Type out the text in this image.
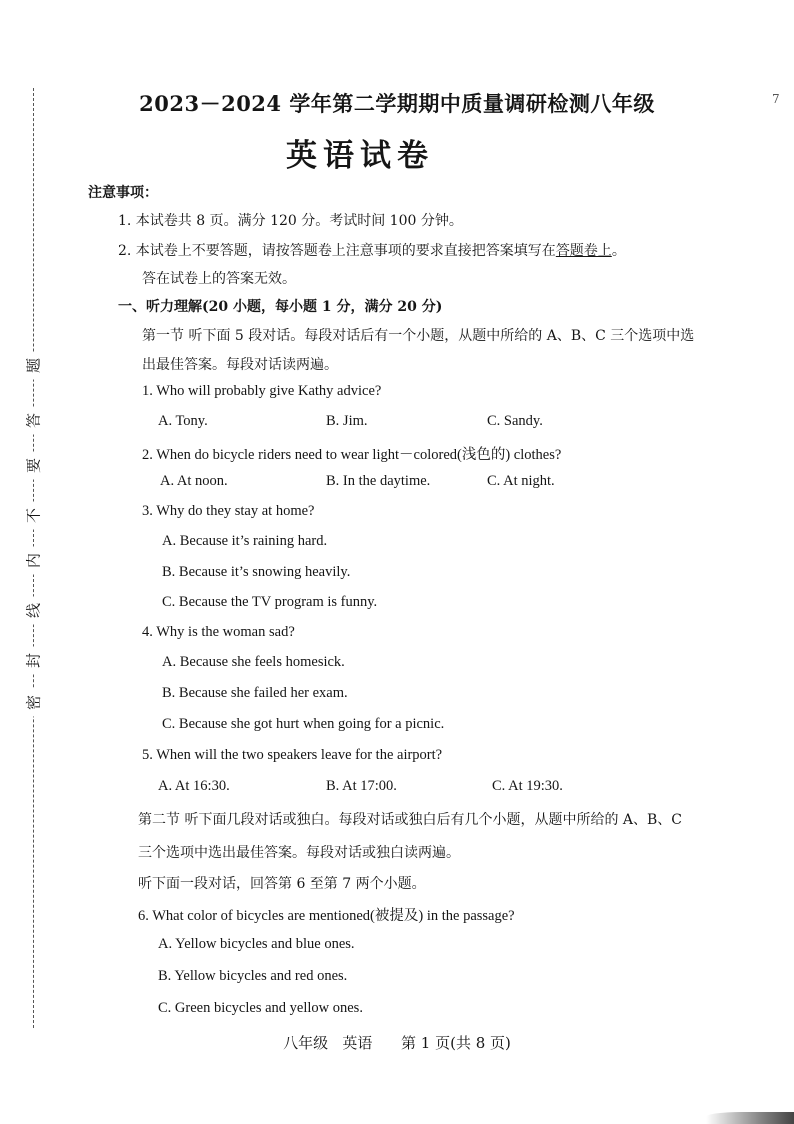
题
答
要
不
内
线
封
密
7
2023－2024 学年第二学期期中质量调研检测八年级
英语试卷
注意事项：
1. 本试卷共 8 页。满分 120 分。考试时间 100 分钟。
2. 本试卷上不要答题，请按答题卷上注意事项的要求直接把答案填写在答题卷上。
答在试卷上的答案无效。
一、听力理解(20 小题，每小题 1 分，满分 20 分)
第一节 听下面 5 段对话。每段对话后有一个小题，从题中所给的 A、B、C 三个选项中选
出最佳答案。每段对话读两遍。
1. Who will probably give Kathy advice?
A. Tony.	B. Jim.	C. Sandy.
2. When do bicycle riders need to wear light－colored(浅色的) clothes?
A. At noon.	B. In the daytime.	C. At night.
3. Why do they stay at home?
A. Because it’s raining hard.
B. Because it’s snowing heavily.
C. Because the TV program is funny.
4. Why is the woman sad?
A. Because she feels homesick.
B. Because she failed her exam.
C. Because she got hurt when going for a picnic.
5. When will the two speakers leave for the airport?
A. At 16:30.	B. At 17:00.	C. At 19:30.
第二节 听下面几段对话或独白。每段对话或独白后有几个小题，从题中所给的 A、B、C
三个选项中选出最佳答案。每段对话或独白读两遍。
听下面一段对话，回答第 6 至第 7 两个小题。
6. What color of bicycles are mentioned(被提及) in the passage?
A. Yellow bicycles and blue ones.
B. Yellow bicycles and red ones.
C. Green bicycles and yellow ones.
八年级 英语 第 1 页(共 8 页)
